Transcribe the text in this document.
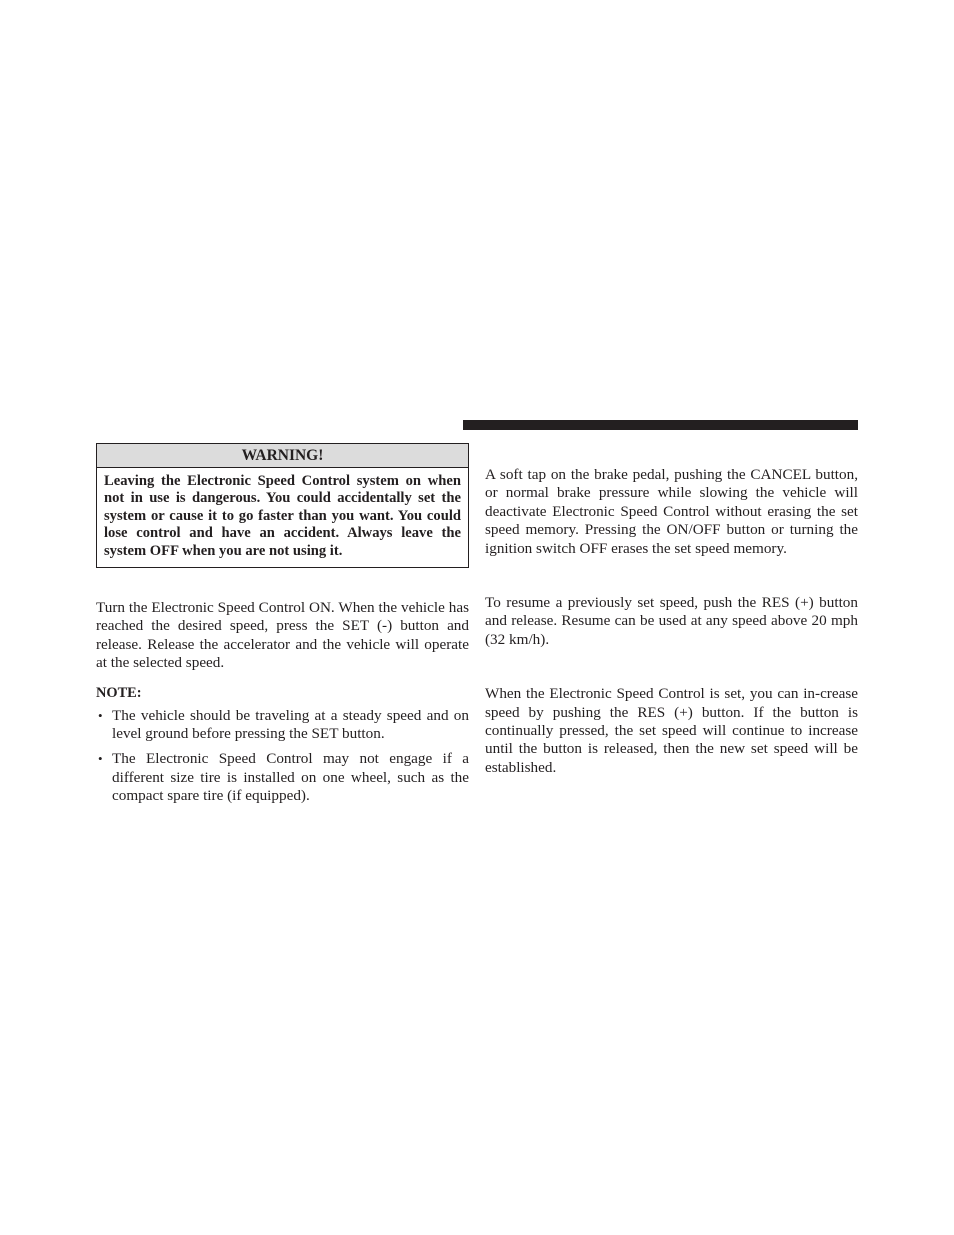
WARNING!
Leaving the Electronic Speed Control system on when not in use is dangerous. You could accidentally set the system or cause it to go faster than you want. You could lose control and have an accident. Always leave the system OFF when you are not using it.

Turn the Electronic Speed Control ON. When the vehicle has reached the desired speed, press the SET (-) button and release. Release the accelerator and the vehicle will operate at the selected speed.

NOTE:
• The vehicle should be traveling at a steady speed and on level ground before pressing the SET button.
• The Electronic Speed Control may not engage if a different size tire is installed on one wheel, such as the compact spare tire (if equipped).

A soft tap on the brake pedal, pushing the CANCEL button, or normal brake pressure while slowing the vehicle will deactivate Electronic Speed Control without erasing the set speed memory. Pressing the ON/OFF button or turning the ignition switch OFF erases the set speed memory.

To resume a previously set speed, push the RES (+) button and release. Resume can be used at any speed above 20 mph (32 km/h).

When the Electronic Speed Control is set, you can in-crease speed by pushing the RES (+) button. If the button is continually pressed, the set speed will continue to increase until the button is released, then the new set speed will be established.
